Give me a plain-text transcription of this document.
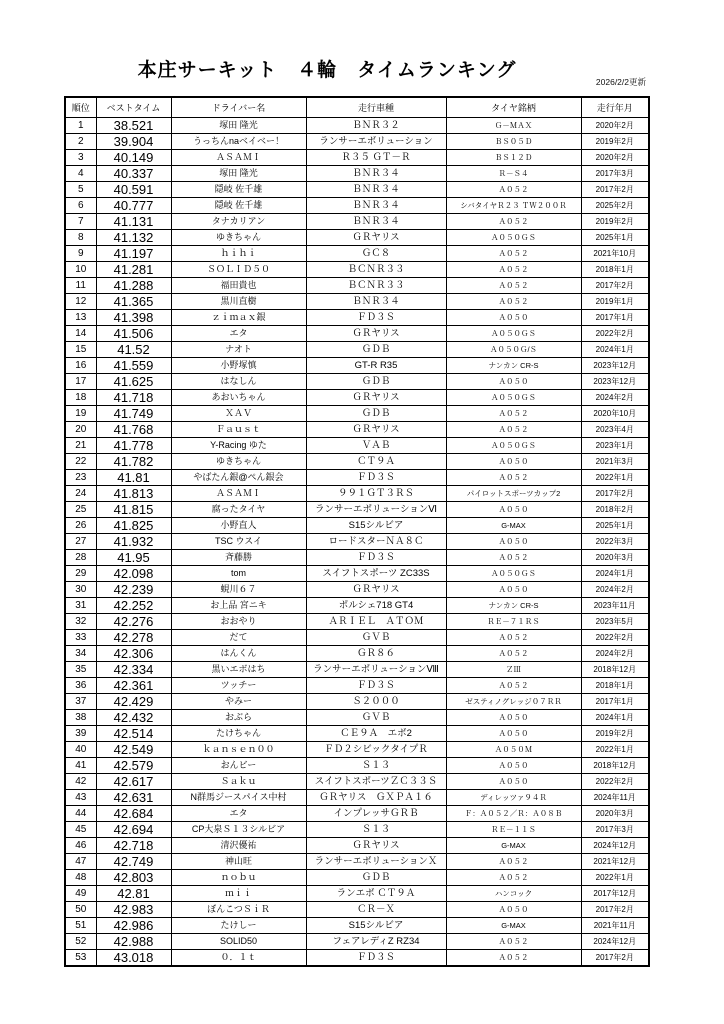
本庄サーキット　４輪　タイムランキング
2026/2/2更新
順位	ベストタイム	ドライバー名	走行車種	タイヤ銘柄	走行年月
1	38.521	塚田 隆光	ＢＮＲ３２	Ｇ－ＭＡＸ	2020年2月
2	39.904	うっちんnaベイベー！	ランサーエボリューション	ＢＳ０５Ｄ	2019年2月
3	40.149	ＡＳＡＭＩ	Ｒ３５ ＧＴ－Ｒ	ＢＳ１２Ｄ	2020年2月
4	40.337	塚田 隆光	ＢＮＲ３４	Ｒ－Ｓ４	2017年3月
5	40.591	隠岐 佐千雄	ＢＮＲ３４	Ａ０５２	2017年2月
6	40.777	隠岐 佐千雄	ＢＮＲ３４	シバタイヤＲ２３ ＴＷ２００Ｒ	2025年2月
7	41.131	タナカリアン	ＢＮＲ３４	Ａ０５２	2019年2月
8	41.132	ゆきちゃん	ＧＲヤリス	Ａ０５０ＧＳ	2025年1月
9	41.197	ｈｉｈｉ	ＧＣ８	Ａ０５２	2021年10月
10	41.281	ＳＯＬＩＤ５０	ＢＣＮＲ３３	Ａ０５２	2018年1月
11	41.288	福田貴也	ＢＣＮＲ３３	Ａ０５２	2017年2月
12	41.365	黒川直樹	ＢＮＲ３４	Ａ０５２	2019年1月
13	41.398	ｚｉｍａｘ銀	ＦＤ３Ｓ	Ａ０５０	2017年1月
14	41.506	エタ	ＧＲヤリス	Ａ０５０ＧＳ	2022年2月
15	41.52	ナオト	ＧＤＢ	Ａ０５０Ｇ/Ｓ	2024年1月
16	41.559	小野塚慎	GT-R R35	ナンカン CR-S	2023年12月
17	41.625	はなしん	ＧＤＢ	Ａ０５０	2023年12月
18	41.718	あおいちゃん	ＧＲヤリス	Ａ０５０ＧＳ	2024年2月
19	41.749	ＸＡＶ	ＧＤＢ	Ａ０５２	2020年10月
20	41.768	Ｆａｕｓｔ	ＧＲヤリス	Ａ０５２	2023年4月
21	41.778	Y-Racing ゆた	ＶＡＢ	Ａ０５０ＧＳ	2023年1月
22	41.782	ゆきちゃん	ＣＴ９Ａ	Ａ０５０	2021年3月
23	41.81	やばたん銀@ぺん銀会	ＦＤ３Ｓ	Ａ０５２	2022年1月
24	41.813	ＡＳＡＭＩ	９９１ＧＴ３ＲＳ	パイロットスポーツカップ2	2017年2月
25	41.815	腐ったタイヤ	ランサーエボリューションⅥ	Ａ０５０	2018年2月
26	41.825	小野直人	S15シルビア	G-MAX	2025年1月
27	41.932	TSC ウスイ	ロードスターＮＡ８Ｃ	Ａ０５０	2022年3月
28	41.95	斉藤勝	ＦＤ３Ｓ	Ａ０５２	2020年3月
29	42.098	tom	スイフトスポーツ ZC33S	Ａ０５０ＧＳ	2024年1月
30	42.239	蜆川６７	ＧＲヤリス	Ａ０５０	2024年2月
31	42.252	お上品 宮ニキ	ポルシェ718 GT4	ナンカン CR-S	2023年11月
32	42.276	おおやり	ＡＲＩＥＬ　ＡＴＯＭ	ＲＥ－７１ＲＳ	2023年5月
33	42.278	だて	ＧＶＢ	Ａ０５２	2022年2月
34	42.306	はんくん	ＧＲ８６	Ａ０５２	2024年2月
35	42.334	黒いエボはち	ランサーエボリューションⅧ	ＺⅢ	2018年12月
36	42.361	ツッチー	ＦＤ３Ｓ	Ａ０５２	2018年1月
37	42.429	やみー	Ｓ２０００	ゼスティノグレッジ０７ＲＲ	2017年1月
38	42.432	おぶら	ＧＶＢ	Ａ０５０	2024年1月
39	42.514	たけちゃん	ＣＥ９Ａ　エボ2	Ａ０５０	2019年2月
40	42.549	ｋａｎｓｅｎ００	ＦＤ２シビックタイプＲ	Ａ０５０Ｍ	2022年1月
41	42.579	おんビー	Ｓ１３	Ａ０５０	2018年12月
42	42.617	Ｓａｋｕ	スイフトスポーツＺＣ３３Ｓ	Ａ０５０	2022年2月
43	42.631	N群馬ジースパイス中村	ＧＲヤリス　ＧＸＰＡ１６	ディレッツァ９４Ｒ	2024年11月
44	42.684	エタ	インプレッサＧＲＢ	Ｆ：Ａ０５２／Ｒ：Ａ０８Ｂ	2020年3月
45	42.694	CP大泉Ｓ１３シルビア	Ｓ１３	ＲＥ－１１Ｓ	2017年3月
46	42.718	清沢優祐	ＧＲヤリス	G-MAX	2024年12月
47	42.749	神山旺	ランサーエボリューションＸ	Ａ０５２	2021年12月
48	42.803	ｎｏｂｕ	ＧＤＢ	Ａ０５２	2022年1月
49	42.81	ｍｉｉ	ランエボ ＣＴ９Ａ	ハンコック	2017年12月
50	42.983	ぼんこつＳｉＲ	ＣＲ－Ｘ	Ａ０５０	2017年2月
51	42.986	たけしー	S15シルビア	G-MAX	2021年11月
52	42.988	SOLID50	フェアレディZ RZ34	Ａ０５２	2024年12月
53	43.018	０．１ｔ	ＦＤ３Ｓ	Ａ０５２	2017年2月
